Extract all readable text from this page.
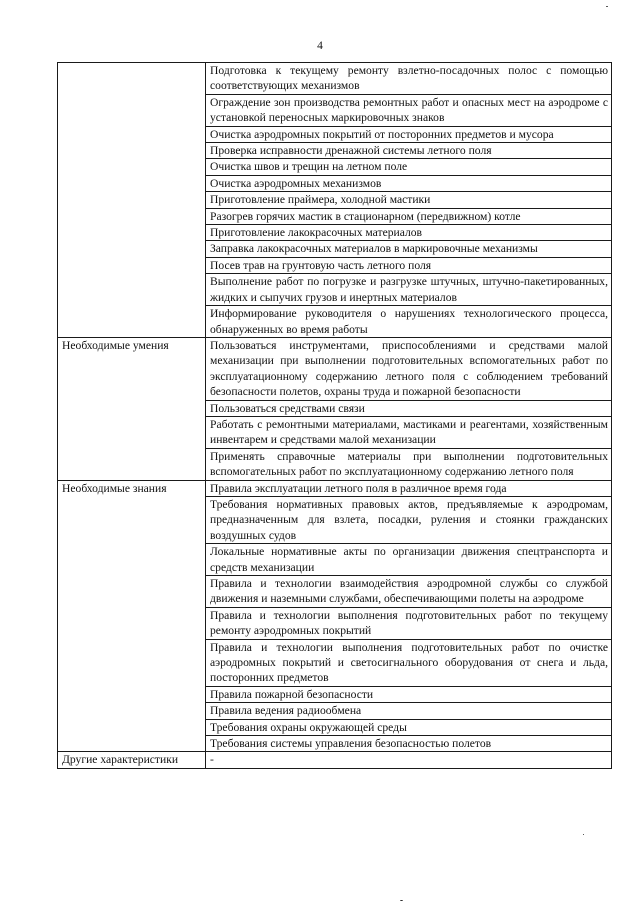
4
	Подготовка к текущему ремонту взлетно-посадочных полос с помощью соответствующих механизмов
	Ограждение зон производства ремонтных работ и опасных мест на аэродроме с установкой переносных маркировочных знаков
	Очистка аэродромных покрытий от посторонних предметов и мусора
	Проверка исправности дренажной системы летного поля
	Очистка швов и трещин на летном поле
	Очистка аэродромных механизмов
	Приготовление праймера, холодной мастики
	Разогрев горячих мастик в стационарном (передвижном) котле
	Приготовление лакокрасочных материалов
	Заправка лакокрасочных материалов в маркировочные механизмы
	Посев трав на грунтовую часть летного поля
	Выполнение работ по погрузке и разгрузке штучных, штучно-пакетированных, жидких и сыпучих грузов и инертных материалов
	Информирование руководителя о нарушениях технологического процесса, обнаруженных во время работы
Необходимые умения	Пользоваться инструментами, приспособлениями и средствами малой механизации при выполнении подготовительных вспомогательных работ по эксплуатационному содержанию летного поля с соблюдением требований безопасности полетов, охраны труда и пожарной безопасности
	Пользоваться средствами связи
	Работать с ремонтными материалами, мастиками и реагентами, хозяйственным инвентарем и средствами малой механизации
	Применять справочные материалы при выполнении подготовительных вспомогательных работ по эксплуатационному содержанию летного поля
Необходимые знания	Правила эксплуатации летного поля в различное время года
	Требования нормативных правовых актов, предъявляемые к аэродромам, предназначенным для взлета, посадки, руления и стоянки гражданских воздушных судов
	Локальные нормативные акты по организации движения спецтранспорта и средств механизации
	Правила и технологии взаимодействия аэродромной службы со службой движения и наземными службами, обеспечивающими полеты на аэродроме
	Правила и технологии выполнения подготовительных работ по текущему ремонту аэродромных покрытий
	Правила и технологии выполнения подготовительных работ по очистке аэродромных покрытий и светосигнального оборудования от снега и льда, посторонних предметов
	Правила пожарной безопасности
	Правила ведения радиообмена
	Требования охраны окружающей среды
	Требования системы управления безопасностью полетов
Другие характеристики	-
